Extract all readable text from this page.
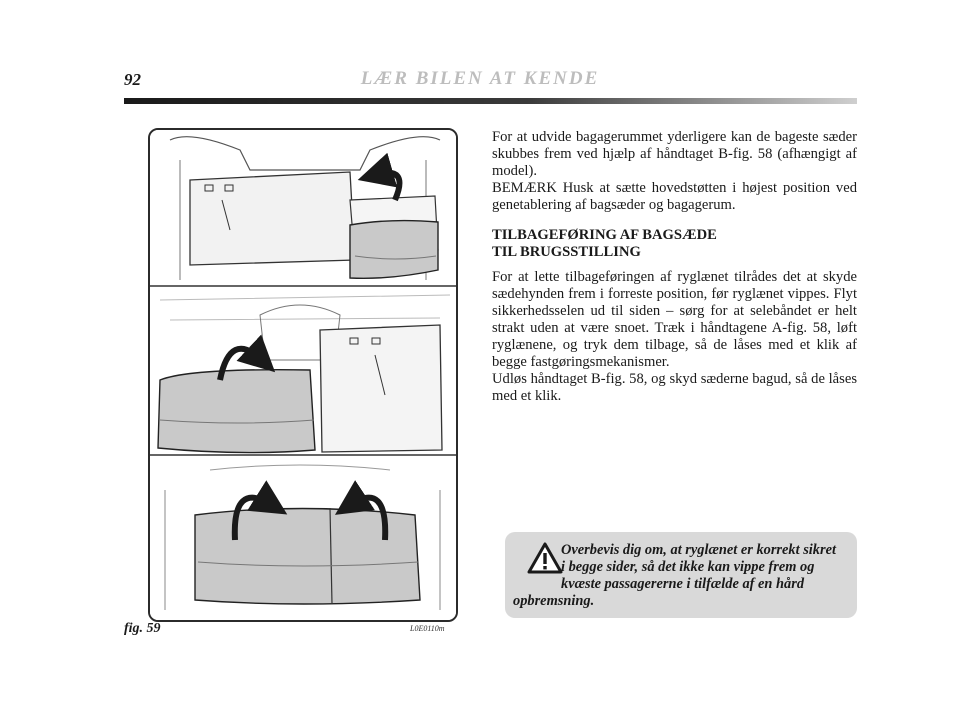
92	LÆR BILEN AT KENDE
fig. 59	L0E0110m

For at udvide bagagerummet yderligere kan de bageste sæder skubbes frem ved hjælp af håndtaget B-fig. 58 (afhængigt af model).

BEMÆRK Husk at sætte hovedstøtten i højest position ved genetablering af bagsæder og bagagerum.

TILBAGEFØRING AF BAGSÆDE
TIL BRUGSSTILLING

For at lette tilbageføringen af ryglænet tilrådes det at skyde sædehynden frem i forreste position, før ryglænet vippes. Flyt sikkerhedsselen ud til siden – sørg for at selebåndet er helt strakt uden at være snoet. Træk i håndtagene A-fig. 58, løft ryglænene, og tryk dem tilbage, så de låses med et klik af begge fastgøringsmekanismer.

Udløs håndtaget B-fig. 58, og skyd sæderne bagud, så de låses med et klik.

Overbevis dig om, at ryglænet er korrekt sikret i begge sider, så det ikke kan vippe frem og kvæste passagererne i tilfælde af en hård
opbremsning.
